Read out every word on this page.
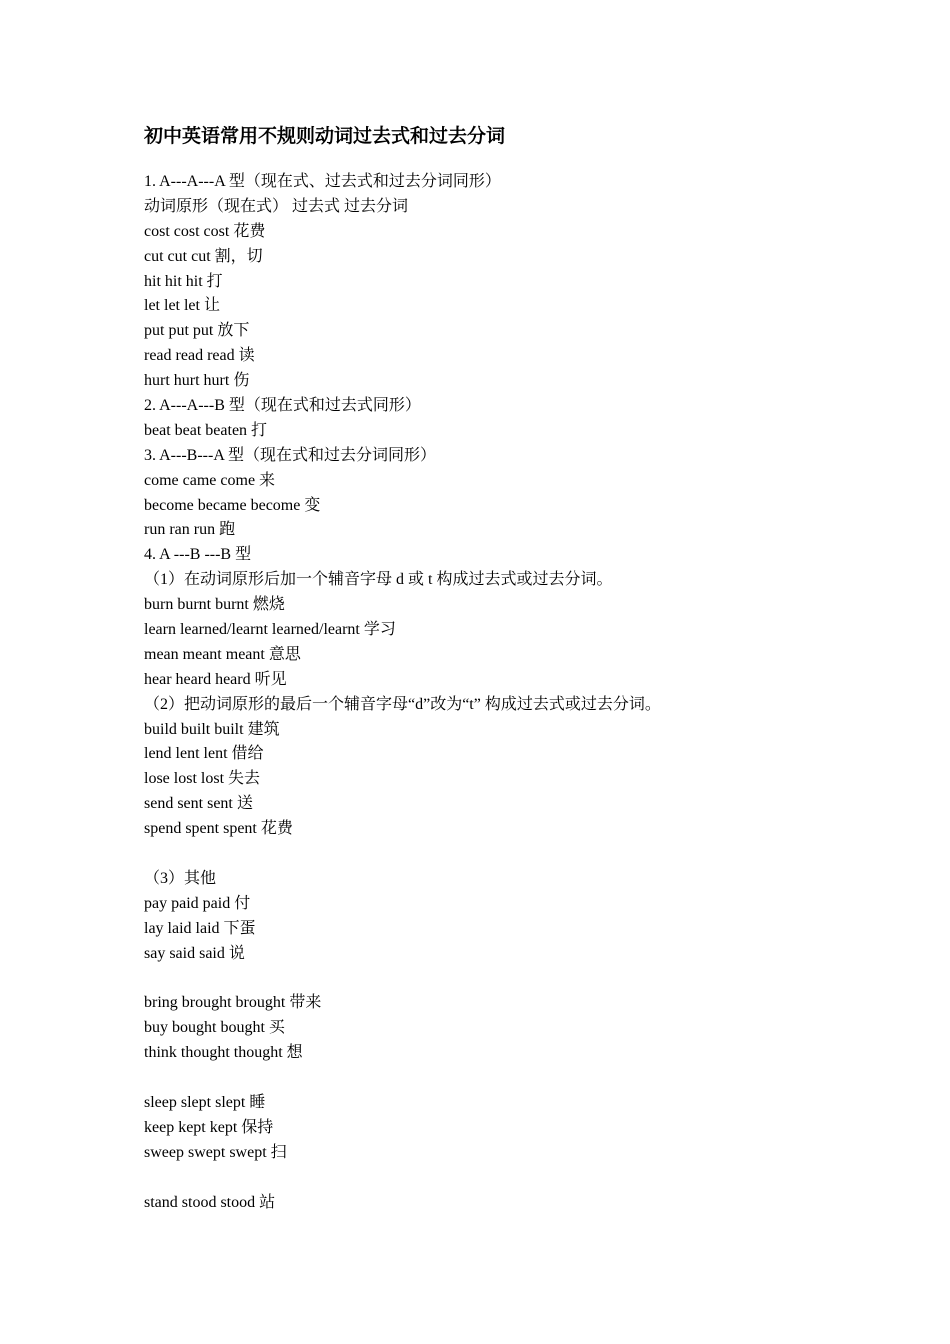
初中英语常用不规则动词过去式和过去分词
1. A---A---A 型（现在式、过去式和过去分词同形）
动词原形（现在式） 过去式 过去分词
cost cost cost 花费
cut cut cut 割，切
hit hit hit 打
let let let 让
put put put 放下
read read read 读
hurt hurt hurt 伤
2. A---A---B 型（现在式和过去式同形）
beat beat beaten 打
3. A---B---A 型（现在式和过去分词同形）
come came come 来
become became become 变
run ran run 跑
4. A ---B ---B 型
（1）在动词原形后加一个辅音字母 d 或 t 构成过去式或过去分词。
burn burnt burnt 燃烧
learn learned/learnt learned/learnt 学习
mean meant meant 意思
hear heard heard 听见
（2）把动词原形的最后一个辅音字母“d”改为“t” 构成过去式或过去分词。
build built built 建筑
lend lent lent 借给
lose lost lost 失去
send sent sent 送
spend spent spent 花费
（3）其他
pay paid paid 付
lay laid laid 下蛋
say said said 说
bring brought brought 带来
buy bought bought 买
think thought thought 想
sleep slept slept 睡
keep kept kept 保持
sweep swept swept 扫
stand stood stood 站
